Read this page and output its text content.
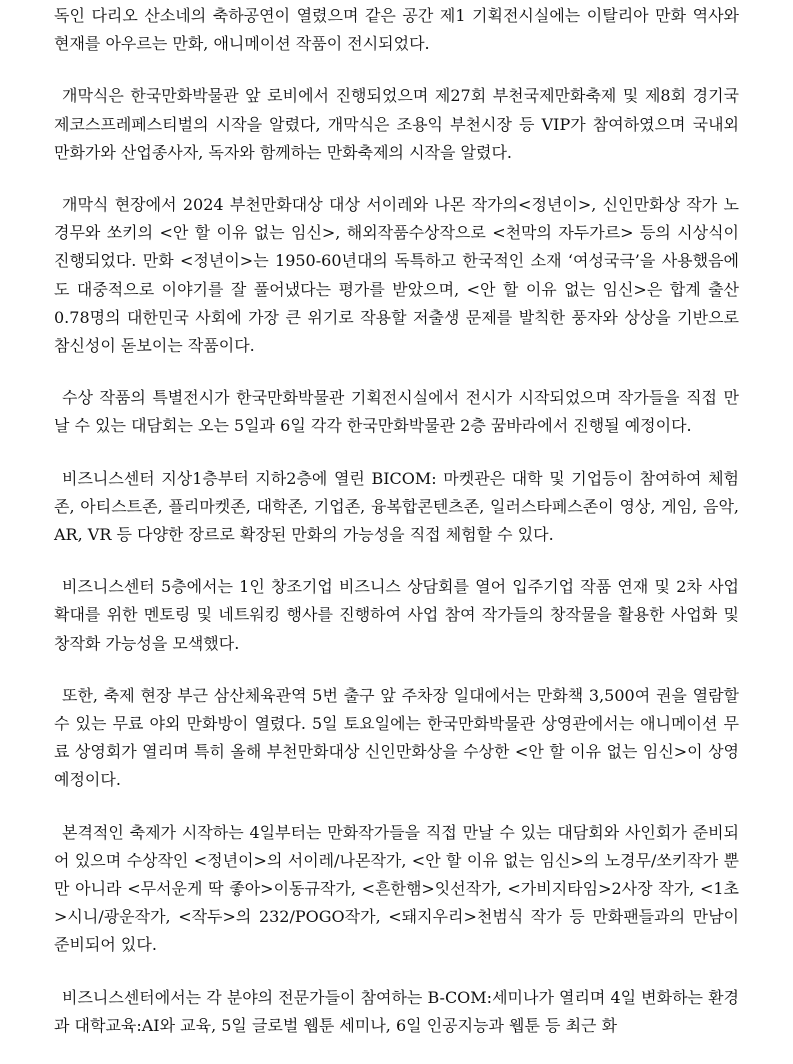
독인 다리오 산소네의 축하공연이 열렸으며 같은 공간 제1 기획전시실에는 이탈리아 만화 역사와 현재를 아우르는 만화, 애니메이션 작품이 전시되었다.

개막식은 한국만화박물관 앞 로비에서 진행되었으며 제27회 부천국제만화축제 및 제8회 경기국제코스프레페스티벌의 시작을 알렸다, 개막식은 조용익 부천시장 등 VIP가 참여하였으며 국내외 만화가와 산업종사자, 독자와 함께하는 만화축제의 시작을 알렸다.

개막식 현장에서 2024 부천만화대상 대상 서이레와 나몬 작가의<정년이>, 신인만화상 작가 노경무와 쏘키의 <안 할 이유 없는 임신>, 해외작품수상작으로 <천막의 자두가르> 등의 시상식이 진행되었다. 만화 <정년이>는 1950-60년대의 독특하고 한국적인 소재 ‘여성국극’을 사용했음에도 대중적으로 이야기를 잘 풀어냈다는 평가를 받았으며, <안 할 이유 없는 임신>은 합계 출산 0.78명의 대한민국 사회에 가장 큰 위기로 작용할 저출생 문제를 발칙한 풍자와 상상을 기반으로 참신성이 돋보이는 작품이다.

수상 작품의 특별전시가 한국만화박물관 기획전시실에서 전시가 시작되었으며 작가들을 직접 만날 수 있는 대담회는 오는 5일과 6일 각각 한국만화박물관 2층 꿈바라에서 진행될 예정이다.

비즈니스센터 지상1층부터 지하2층에 열린 BICOM: 마켓관은 대학 및 기업등이 참여하여 체험존, 아티스트존, 플리마켓존, 대학존, 기업존, 융복합콘텐츠존, 일러스타페스존이 영상, 게임, 음악, AR, VR 등 다양한 장르로 확장된 만화의 가능성을 직접 체험할 수 있다.

비즈니스센터 5층에서는 1인 창조기업 비즈니스 상담회를 열어 입주기업 작품 연재 및 2차 사업확대를 위한 멘토링 및 네트워킹 행사를 진행하여 사업 참여 작가들의 창작물을 활용한 사업화 및 창작화 가능성을 모색했다.

또한, 축제 현장 부근 삼산체육관역 5번 출구 앞 주차장 일대에서는 만화책 3,500여 권을 열람할 수 있는 무료 야외 만화방이 열렸다. 5일 토요일에는 한국만화박물관 상영관에서는 애니메이션 무료 상영회가 열리며 특히 올해 부천만화대상 신인만화상을 수상한 <안 할 이유 없는 임신>이 상영 예정이다.

본격적인 축제가 시작하는 4일부터는 만화작가들을 직접 만날 수 있는 대담회와 사인회가 준비되어 있으며 수상작인 <정년이>의 서이레/나몬작가, <안 할 이유 없는 임신>의 노경무/쏘키작가 뿐만 아니라 <무서운게 딱 좋아>이동규작가, <흔한햄>잇선작가, <가비지타임>2사장 작가, <1초>시니/광운작가, <작두>의 232/POGO작가, <돼지우리>천범식 작가 등 만화팬들과의 만남이 준비되어 있다.

비즈니스센터에서는 각 분야의 전문가들이 참여하는 B-COM:세미나가 열리며 4일 변화하는 환경과 대학교육:AI와 교육, 5일 글로벌 웹툰 세미나, 6일 인공지능과 웹툰 등 최근 화
